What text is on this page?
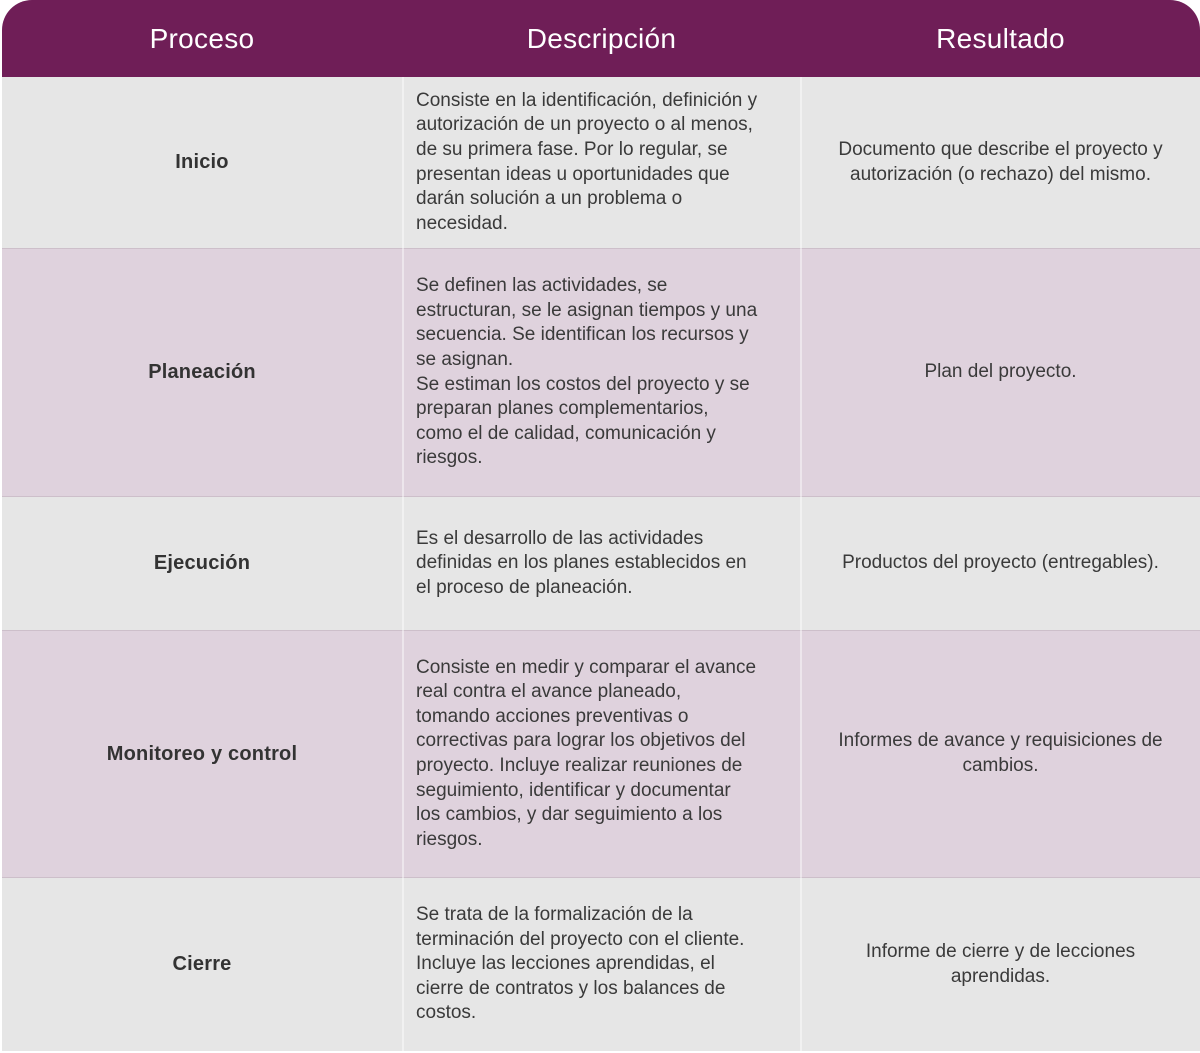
Proceso	Descripción	Resultado
Inicio
Consiste en la identificación, definición y
autorización de un proyecto o al menos,
de su primera fase. Por lo regular, se
presentan ideas u oportunidades que
darán solución a un problema o
necesidad.
Documento que describe el proyecto y autorización (o rechazo) del mismo.
Planeación
Se definen las actividades, se
estructuran, se le asignan tiempos y una
secuencia. Se identifican los recursos y
se asignan.
Se estiman los costos del proyecto y se
preparan planes complementarios,
como el de calidad, comunicación y
riesgos.
Plan del proyecto.
Ejecución
Es el desarrollo de las actividades
definidas en los planes establecidos en
el proceso de planeación.
Productos del proyecto (entregables).
Monitoreo y control
Consiste en medir y comparar el avance
real contra el avance planeado,
tomando acciones preventivas o
correctivas para lograr los objetivos del
proyecto. Incluye realizar reuniones de
seguimiento, identificar y documentar
los cambios, y dar seguimiento a los
riesgos.
Informes de avance y requisiciones de cambios.
Cierre
Se trata de la formalización de la
terminación del proyecto con el cliente.
Incluye las lecciones aprendidas, el
cierre de contratos y los balances de
costos.
Informe de cierre y de lecciones aprendidas.
